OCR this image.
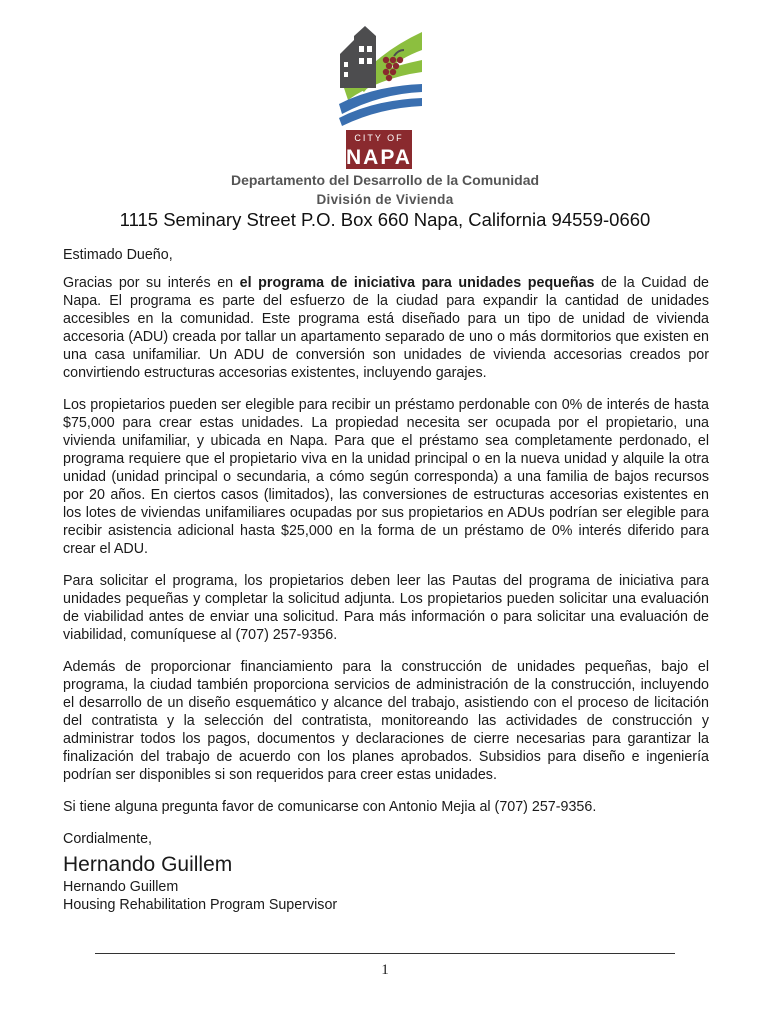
CITY OF
NAPA
Departamento del Desarrollo de la Comunidad
División de Vivienda
1115 Seminary Street P.O. Box 660 Napa, California 94559-0660

Estimado Dueño,

Gracias por su interés en el programa de iniciativa para unidades pequeñas de la Cuidad de Napa. El programa es parte del esfuerzo de la ciudad para expandir la cantidad de unidades accesibles en la comunidad. Este programa está diseñado para un tipo de unidad de vivienda accesoria (ADU) creada por tallar un apartamento separado de uno o más dormitorios que existen en una casa unifamiliar. Un ADU de conversión son unidades de vivienda accesorias creados por convirtiendo estructuras accesorias existentes, incluyendo garajes.

Los propietarios pueden ser elegible para recibir un préstamo perdonable con 0% de interés de hasta $75,000 para crear estas unidades. La propiedad necesita ser ocupada por el propietario, una vivienda unifamiliar, y ubicada en Napa. Para que el préstamo sea completamente perdonado, el programa requiere que el propietario viva en la unidad principal o en la nueva unidad y alquile la otra unidad (unidad principal o secundaria, a cómo según corresponda) a una familia de bajos recursos por 20 años. En ciertos casos (limitados), las conversiones de estructuras accesorias existentes en los lotes de viviendas unifamiliares ocupadas por sus propietarios en ADUs podrían ser elegible para recibir asistencia adicional hasta $25,000 en la forma de un préstamo de 0% interés diferido para crear el ADU.

Para solicitar el programa, los propietarios deben leer las Pautas del programa de iniciativa para unidades pequeñas y completar la solicitud adjunta. Los propietarios pueden solicitar una evaluación de viabilidad antes de enviar una solicitud. Para más información o para solicitar una evaluación de viabilidad, comuníquese al (707) 257-9356.

Además de proporcionar financiamiento para la construcción de unidades pequeñas, bajo el programa, la ciudad también proporciona servicios de administración de la construcción, incluyendo el desarrollo de un diseño esquemático y alcance del trabajo, asistiendo con el proceso de licitación del contratista y la selección del contratista, monitoreando las actividades de construcción y administrar todos los pagos, documentos y declaraciones de cierre necesarias para garantizar la finalización del trabajo de acuerdo con los planes aprobados. Subsidios para diseño e ingeniería podrían ser disponibles si son requeridos para creer estas unidades.

Si tiene alguna pregunta favor de comunicarse con Antonio Mejia al (707) 257-9356.

Cordialmente,

Hernando Guillem

Hernando Guillem

Housing Rehabilitation Program Supervisor

1
